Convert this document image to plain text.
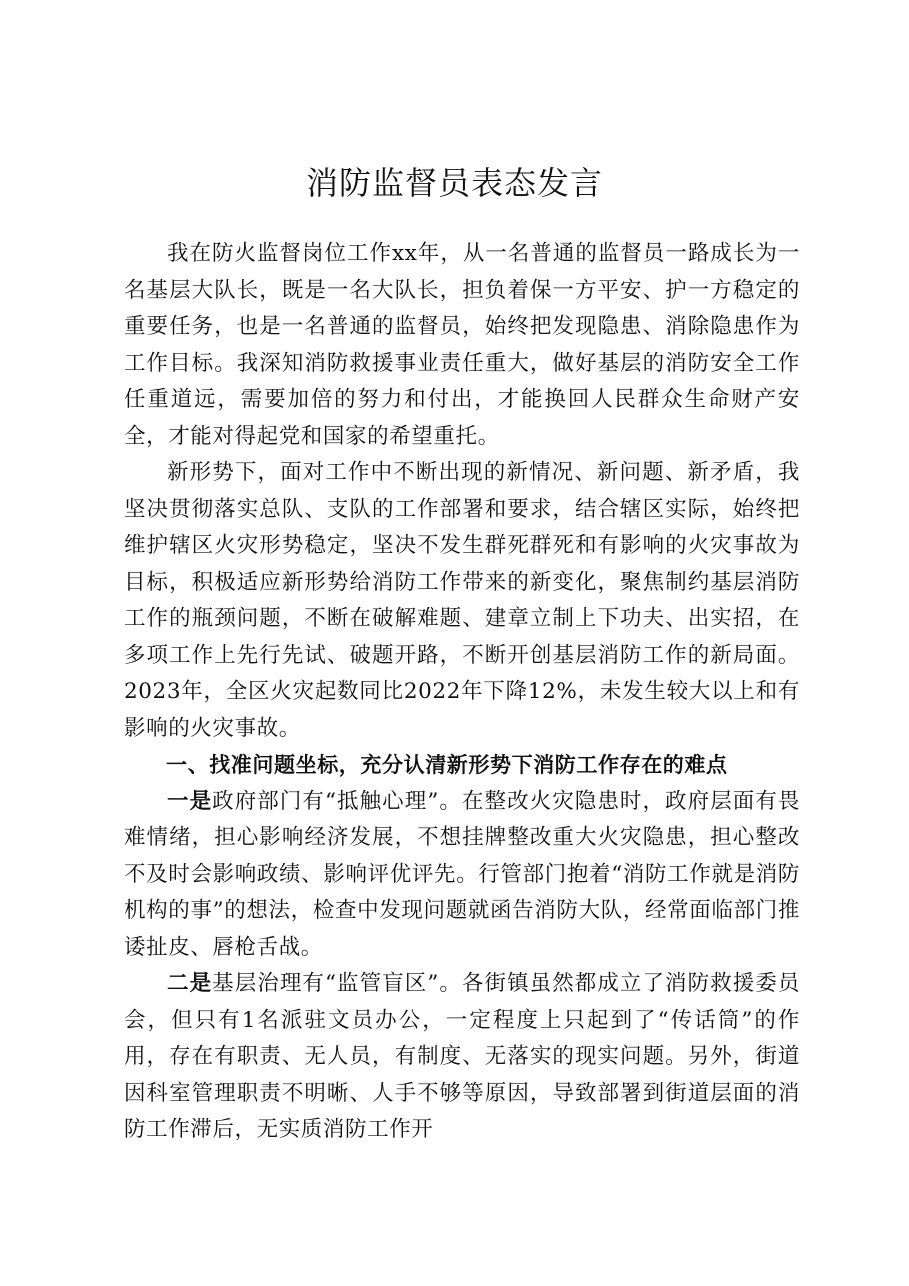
消防监督员表态发言

我在防火监督岗位工作xx年，从一名普通的监督员一路成长为一名基层大队长，既是一名大队长，担负着保一方平安、护一方稳定的重要任务，也是一名普通的监督员，始终把发现隐患、消除隐患作为工作目标。我深知消防救援事业责任重大，做好基层的消防安全工作任重道远，需要加倍的努力和付出，才能换回人民群众生命财产安全，才能对得起党和国家的希望重托。

新形势下，面对工作中不断出现的新情况、新问题、新矛盾，我坚决贯彻落实总队、支队的工作部署和要求，结合辖区实际，始终把维护辖区火灾形势稳定，坚决不发生群死群死和有影响的火灾事故为目标，积极适应新形势给消防工作带来的新变化，聚焦制约基层消防工作的瓶颈问题，不断在破解难题、建章立制上下功夫、出实招，在多项工作上先行先试、破题开路，不断开创基层消防工作的新局面。2023年，全区火灾起数同比2022年下降12%，未发生较大以上和有影响的火灾事故。

一、找准问题坐标，充分认清新形势下消防工作存在的难点

一是政府部门有“抵触心理”。在整改火灾隐患时，政府层面有畏难情绪，担心影响经济发展，不想挂牌整改重大火灾隐患，担心整改不及时会影响政绩、影响评优评先。行管部门抱着“消防工作就是消防机构的事”的想法，检查中发现问题就函告消防大队，经常面临部门推诿扯皮、唇枪舌战。

二是基层治理有“监管盲区”。各街镇虽然都成立了消防救援委员会，但只有1名派驻文员办公，一定程度上只起到了“传话筒”的作用，存在有职责、无人员，有制度、无落实的现实问题。另外，街道因科室管理职责不明晰、人手不够等原因，导致部署到街道层面的消防工作滞后，无实质消防工作开
